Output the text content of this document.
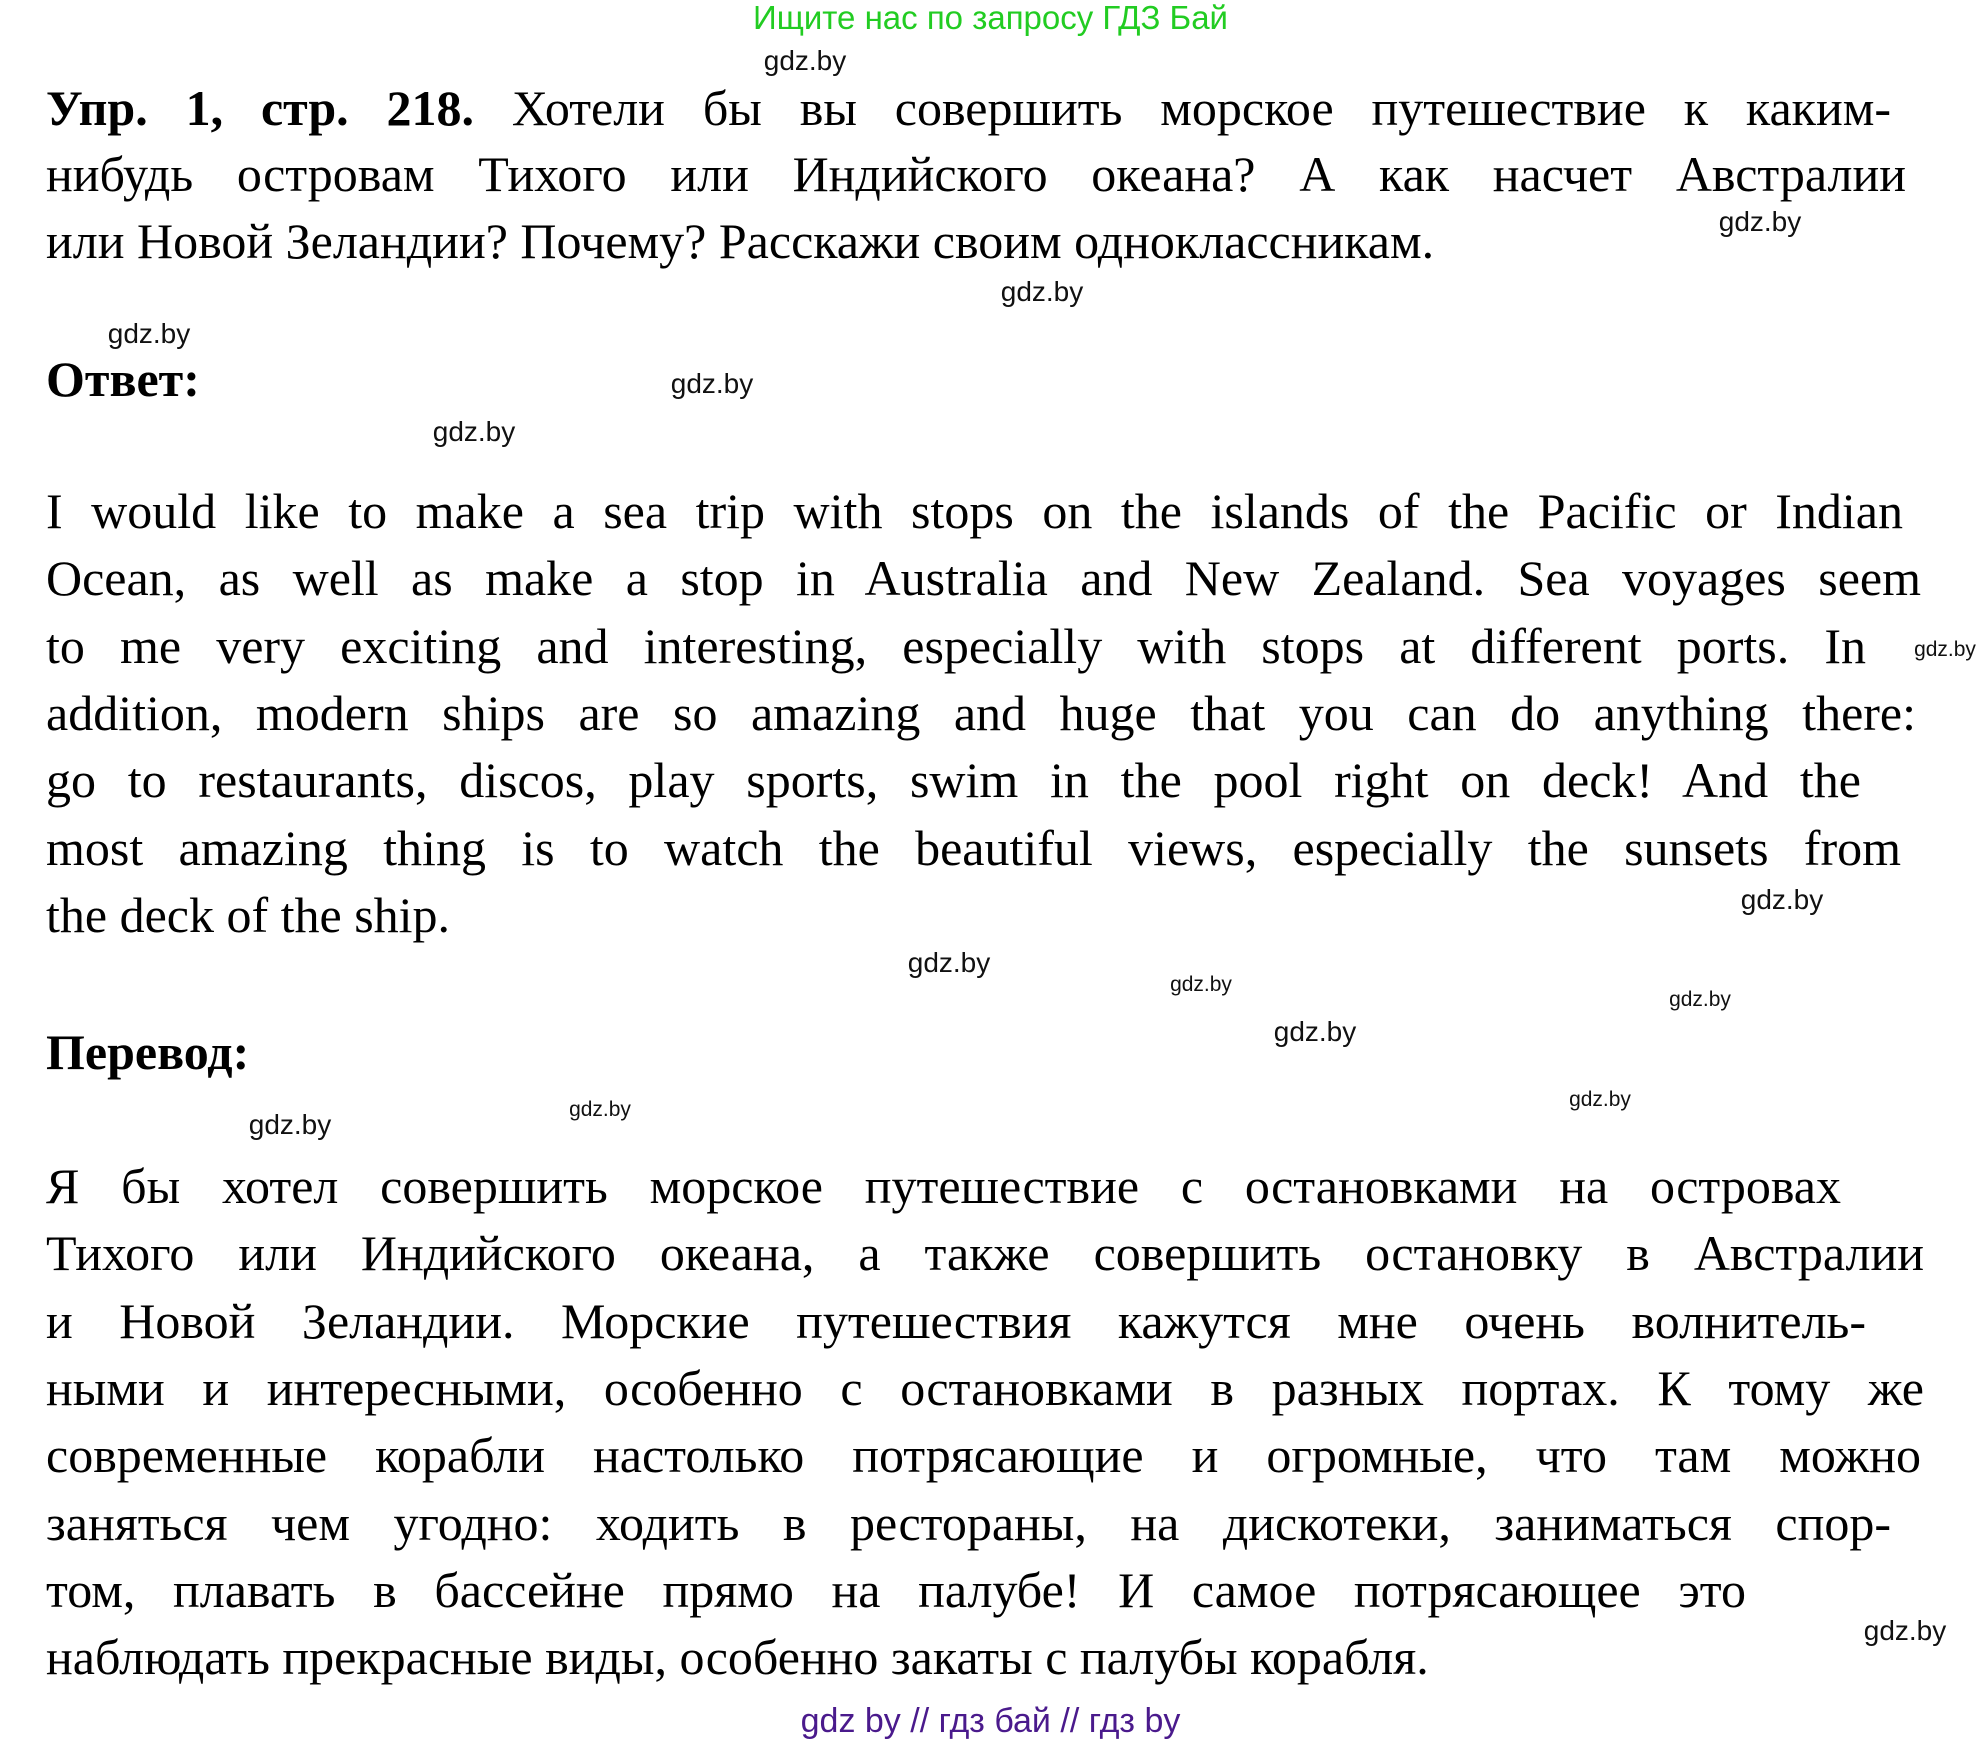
Ищите нас по запросу ГДЗ Бай
gdz.by
gdz.by
gdz.by
gdz.by
gdz.by
gdz.by
gdz.by
gdz.by
gdz.by
gdz.by
gdz.by
gdz.by	gdz.by	gdz.by
gdz.by
gdz.by
Упр. 1, стр. 218. Хотели бы вы совершить морское путешествие к каким-
нибудь островам Тихого или Индийского океана? А как насчет Австралии
или Новой Зеландии? Почему? Расскажи своим одноклассникам.
Ответ:
I would like to make a sea trip with stops on the islands of the Pacific or Indian
Ocean, as well as make a stop in Australia and New Zealand. Sea voyages seem
to me very exciting and interesting, especially with stops at different ports. In
addition, modern ships are so amazing and huge that you can do anything there:
go to restaurants, discos, play sports, swim in the pool right on deck! And the
most amazing thing is to watch the beautiful views, especially the sunsets from
the deck of the ship.
Перевод:
Я бы хотел совершить морское путешествие с остановками на островах
Тихого или Индийского океана, а также совершить остановку в Австралии
и Новой Зеландии. Морские путешествия кажутся мне очень волнитель-
ными и интересными, особенно с остановками в разных портах. К тому же
современные корабли настолько потрясающие и огромные, что там можно
заняться чем угодно: ходить в рестораны, на дискотеки, заниматься спор-
том, плавать в бассейне прямо на палубе! И самое потрясающее это
наблюдать прекрасные виды, особенно закаты с палубы корабля.
gdz by // гдз бай // гдз by
